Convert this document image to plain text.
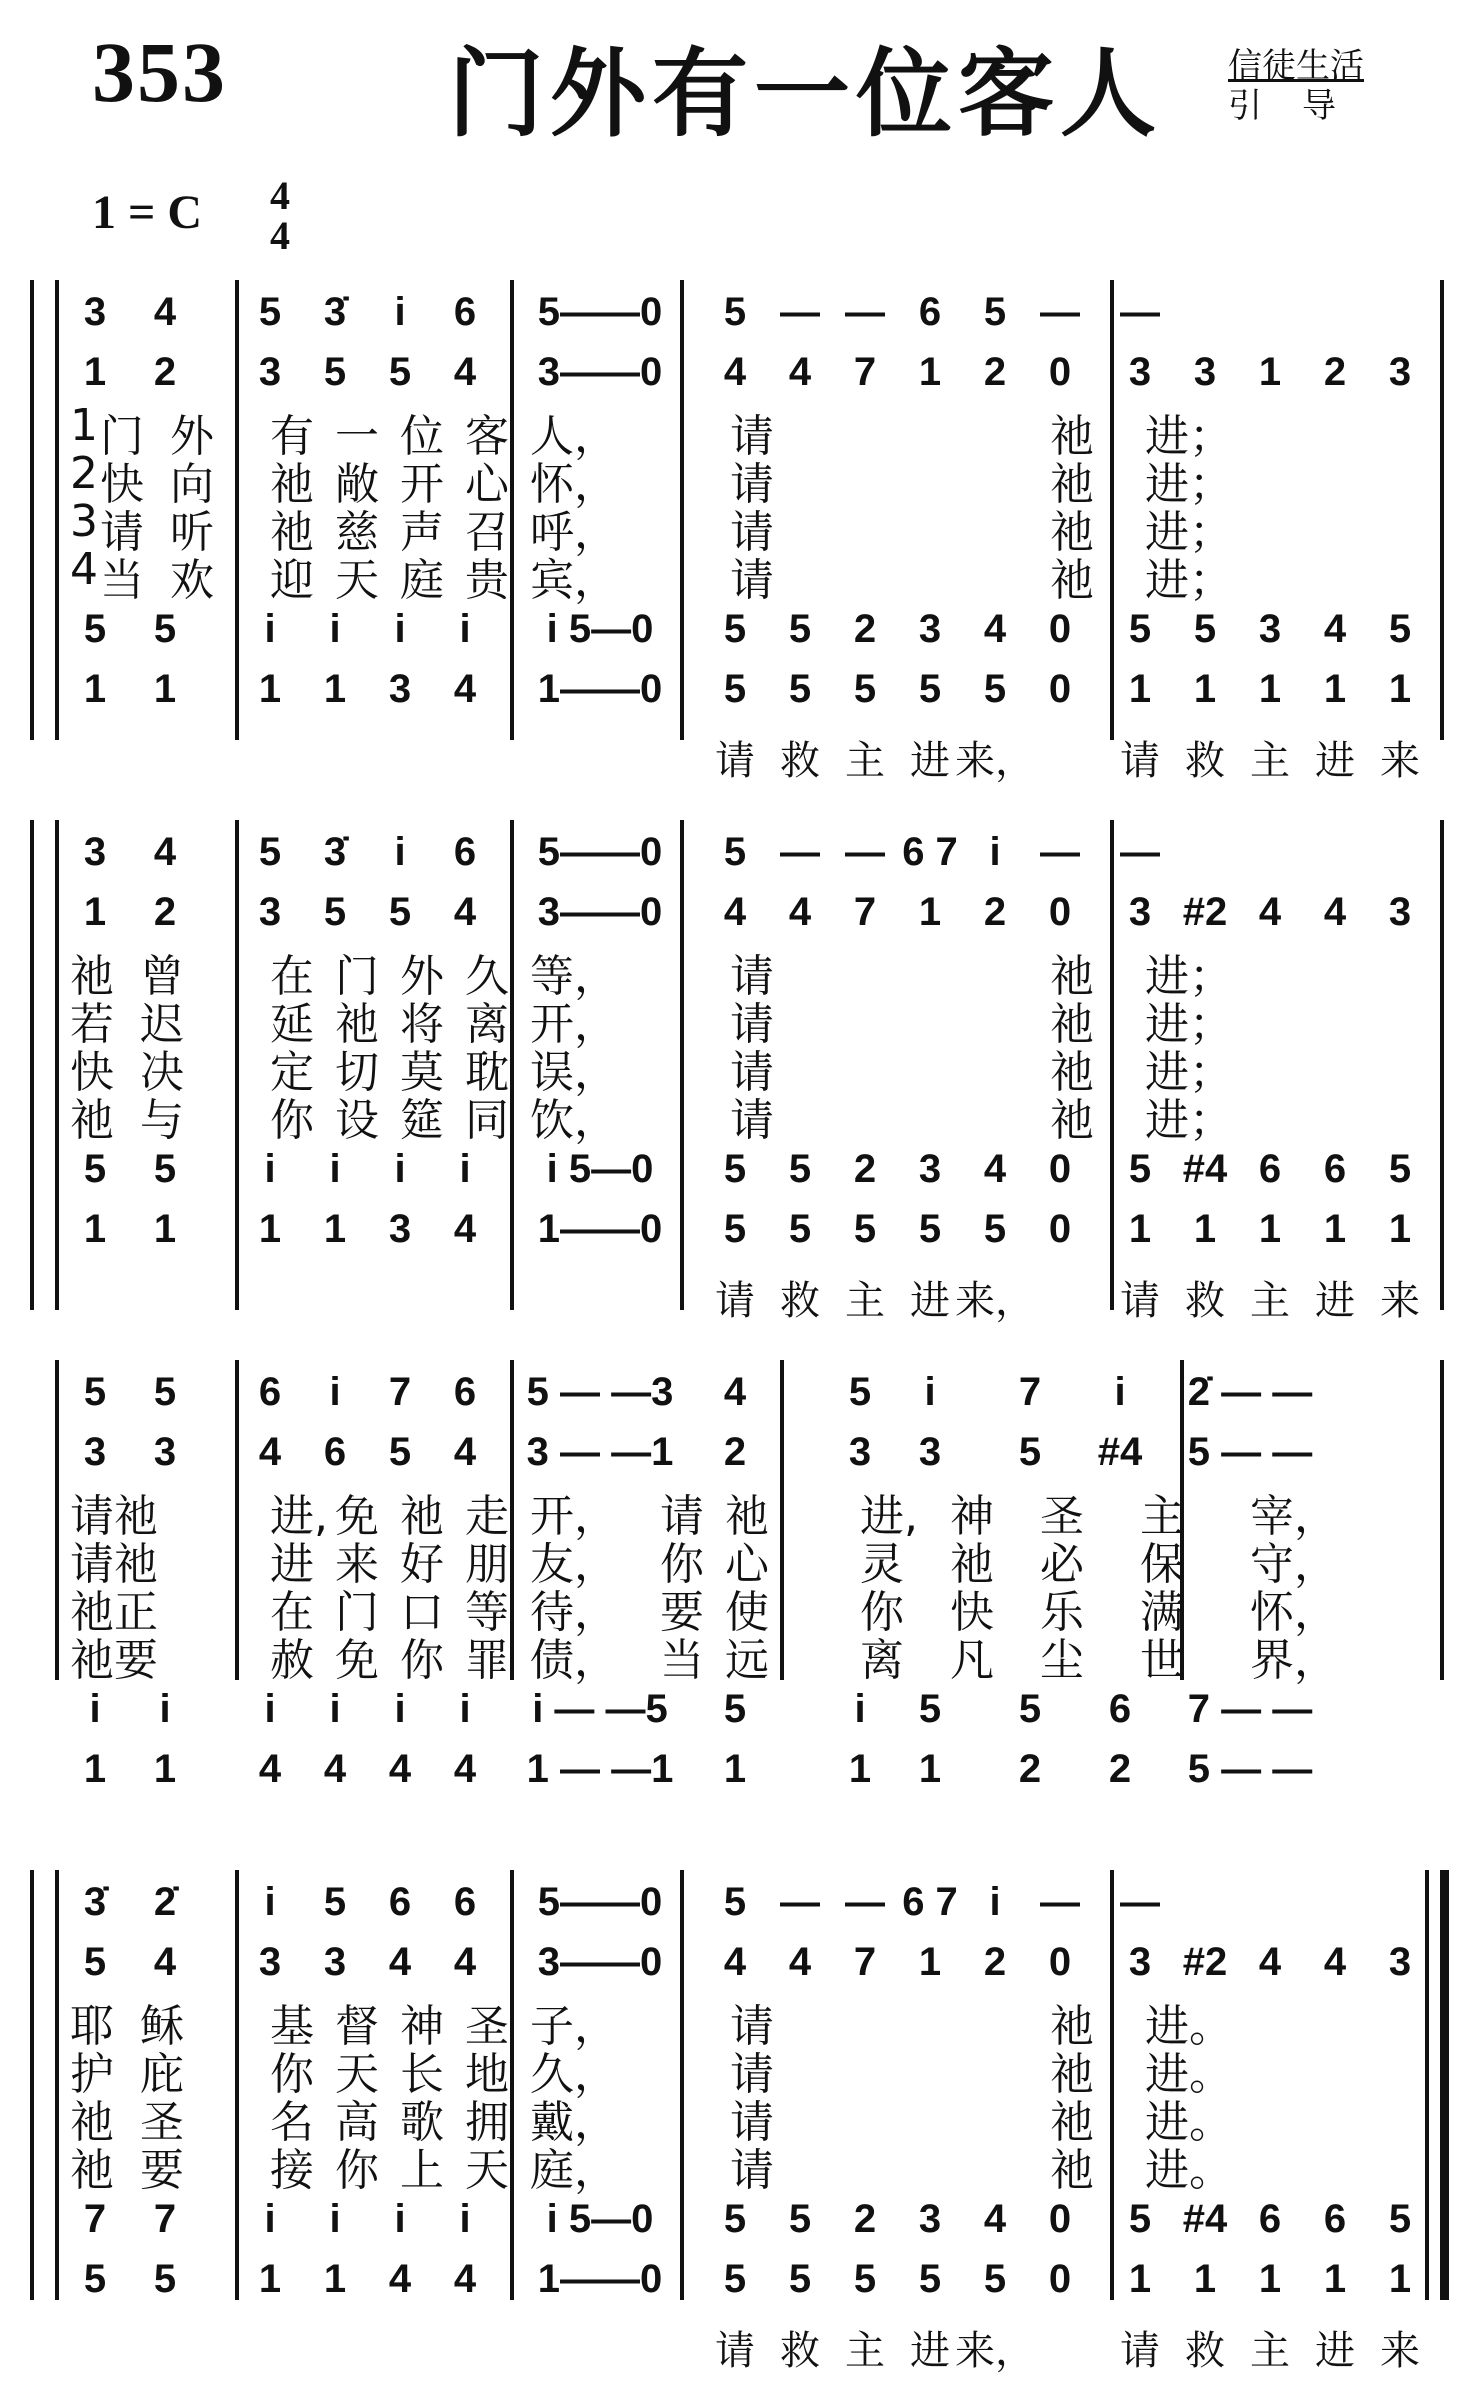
353 门外有一位客人 信徒生活
引导
1 = C 4
4
3 4 5 3̇ i 6 5——0 5 — — 6 5 — —
1 2 3 5 5 4 3——0 4 4 7 1 2 0 3 3 1 2 3
1 门 外 有 一 位 客 人，	请	祂 进；
2 快 向 祂 敞 开 心 怀，	请	祂 进；
3 请 听 祂 慈 声 召 呼，	请	祂 进；
4 当 欢 迎 天 庭 贵 宾，	请	祂 进；
5 5 i i i i i 5—0 5 5 2 3 4 0 5 5 3 4 5
1 1 1 1 3 4 1——0 5 5 5 5 5 0 1 1 1 1 1
请 救 主 进 来， 请 救 主 进 来
3 4 5 3̇ i 6 5——0 5 — — 6 7 i — —
1 2 3 5 5 4 3——0 4 4 7 1 2 0 3 #2 4 4 3
祂 曾 在 门 外 久 等，	请	祂 进；
若 迟 延 祂 将 离 开，	请	祂 进；
快 决 定 切 莫 耽 误，	请	祂 进；
祂 与 你 设 筵 同 饮，	请	祂 进；
5 5 i i i i i 5—0 5 5 2 3 4 0 5 #4 6 6 5
1 1 1 1 3 4 1——0 5 5 5 5 5 0 1 1 1 1 1
请 救 主 进 来， 请 救 主 进 来
5 5 6 i 7 6 5 — —3 4	5 i 7 i 2̇ — —
3 3 4 6 5 4 3 — —1 2	3 3 5 #4 5 — —
请祂	进, 免 祂 走 开， 请 祂 进, 神 圣 主 宰，
请祂	进 来 好 朋 友， 你 心 灵 祂 必 保 守，
祂正	在 门 口 等 待， 要 使 你 快 乐 满 怀，
祂要	赦 免 你 罪 债， 当 远 离 凡 尘 世 界，
i i i i i i i — —5 5	i 5 5 6 7 — —
1 1 4 4 4 4 1 — —1 1	1 1 2 2 5 — —
3̇ 2̇ i 5 6 6 5——0 5 — — 6 7 i — —
5 4 3 3 4 4 3——0 4 4 7 1 2 0 3 #2 4 4 3
耶 稣 基 督 神 圣 子，	请	祂 进。
护 庇 你 天 长 地 久，	请	祂 进。
祂 圣 名 高 歌 拥 戴，	请	祂 进。
祂 要 接 你 上 天 庭，	请	祂 进。
7 7 i i i i i 5—0 5 5 2 3 4 0 5 #4 6 6 5
5 5 1 1 4 4 1——0 5 5 5 5 5 0 1 1 1 1 1
请 救 主 进 来， 请 救 主 进 来
